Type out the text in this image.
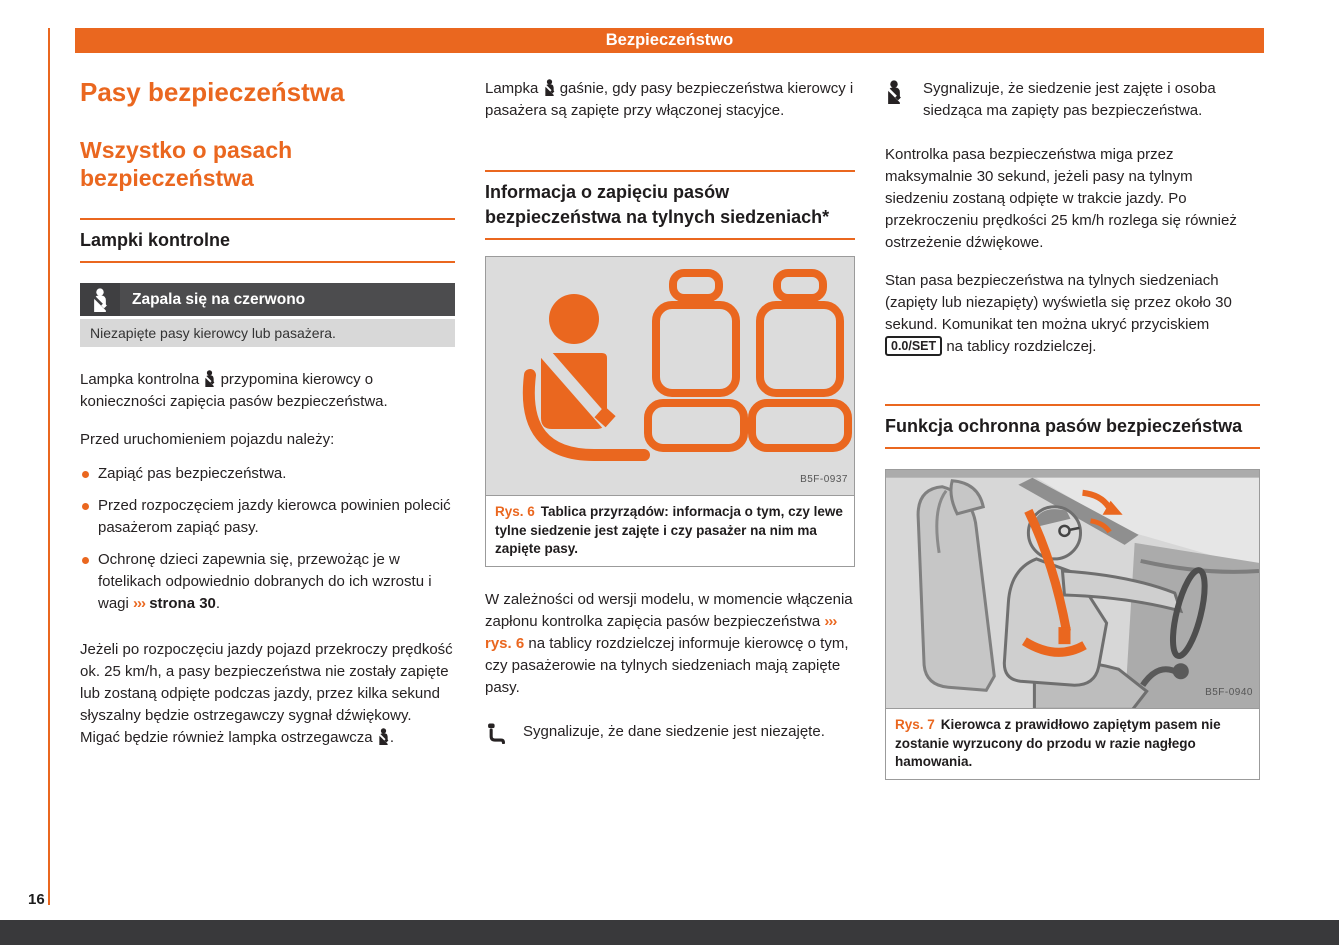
Bezpieczeństwo
Pasy bezpieczeństwa
Wszystko o pasach bezpieczeństwa
Lampki kontrolne
Zapala się na czerwono
Niezapięte pasy kierowcy lub pasażera.

Lampka kontrolna przypomina kierowcy o konieczności zapięcia pasów bezpieczeństwa.

Przed uruchomieniem pojazdu należy:

Zapiąć pas bezpieczeństwa.
Przed rozpoczęciem jazdy kierowca powinien polecić pasażerom zapiąć pasy.
Ochronę dzieci zapewnia się, przewożąc je w fotelikach odpowiednio dobranych do ich wzrostu i wagi ››› strona 30.

Jeżeli po rozpoczęciu jazdy pojazd przekroczy prędkość ok. 25 km/h, a pasy bezpieczeństwa nie zostały zapięte lub zostaną odpięte podczas jazdy, przez kilka sekund słyszalny będzie ostrzegawczy sygnał dźwiękowy. Migać będzie również lampka ostrzegawcza .

Lampka gaśnie, gdy pasy bezpieczeństwa kierowcy i pasażera są zapięte przy włączonej stacyjce.

Informacja o zapięciu pasów bezpieczeństwa na tylnych siedzeniach*
B5F-0937
Rys. 6 Tablica przyrządów: informacja o tym, czy lewe tylne siedzenie jest zajęte i czy pasażer na nim ma zapięte pasy.

W zależności od wersji modelu, w momencie włączenia zapłonu kontrolka zapięcia pasów bezpieczeństwa ››› rys. 6 na tablicy rozdzielczej informuje kierowcę o tym, czy pasażerowie na tylnych siedzeniach mają zapięte pasy.

Sygnalizuje, że dane siedzenie jest niezajęte.
Sygnalizuje, że siedzenie jest zajęte i osoba siedząca ma zapięty pas bezpieczeństwa.

Kontrolka pasa bezpieczeństwa miga przez maksymalnie 30 sekund, jeżeli pasy na tylnym siedzeniu zostaną odpięte w trakcie jazdy. Po przekroczeniu prędkości 25 km/h rozlega się również ostrzeżenie dźwiękowe.

Stan pasa bezpieczeństwa na tylnych siedzeniach (zapięty lub niezapięty) wyświetla się przez około 30 sekund. Komunikat ten można ukryć przyciskiem 0.0/SET na tablicy rozdzielczej.

Funkcja ochronna pasów bezpieczeństwa
B5F-0940
Rys. 7 Kierowca z prawidłowo zapiętym pasem nie zostanie wyrzucony do przodu w razie nagłego hamowania.
16
